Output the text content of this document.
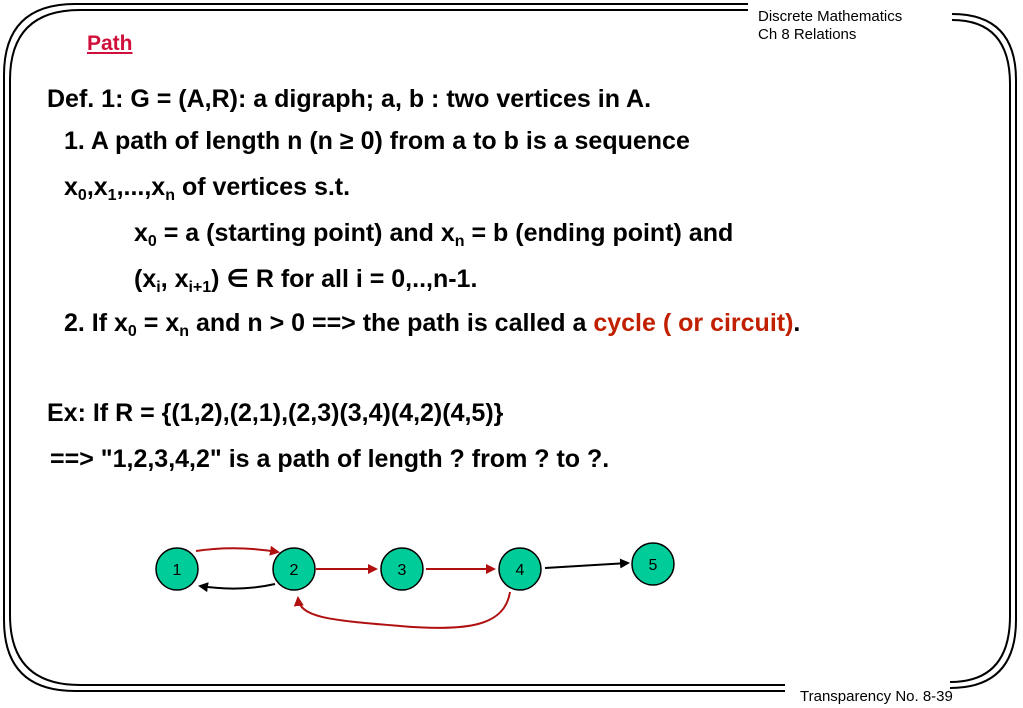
Discrete Mathematics
Ch 8 Relations
Path
Def. 1: G = (A,R): a digraph; a, b : two vertices in A.
1. A path of length n (n ≥ 0) from a to b is a sequence
$x_0,x_1,...,x_n$ of vertices s.t.
$x_0 = a$ (starting point) and $x_n = b$ (ending point) and
($x_i$, $x_{i+1}$) ∈ R for all i = 0,..,n-1.
2. If $x_0 = x_n$ and n > 0 ==> the path is called a cycle ( or circuit).
Ex: If R = {(1,2),(2,1),(2,3)(3,4)(4,2)(4,5)}
==> "1,2,3,4,2" is a path of length ? from ? to ?.
1	2	3	4	5
Transparency No. 8-39
